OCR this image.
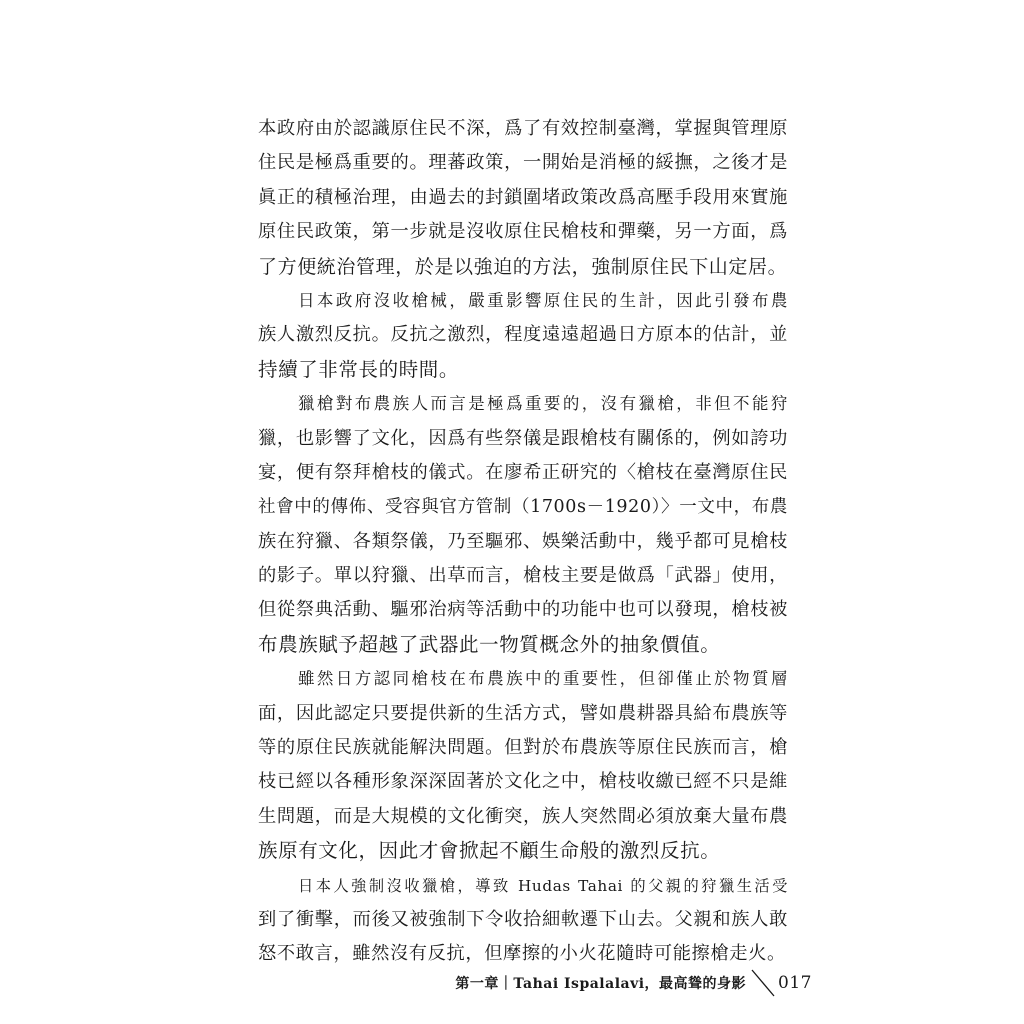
本政府由於認識原住民不深，爲了有效控制臺灣，掌握與管理原
住民是極爲重要的。理蕃政策，一開始是消極的綏撫，之後才是
眞正的積極治理，由過去的封鎖圍堵政策改爲高壓手段用來實施
原住民政策，第一步就是沒收原住民槍枝和彈藥，另一方面，爲
了方便統治管理，於是以強迫的方法，強制原住民下山定居。
日本政府沒收槍械，嚴重影響原住民的生計，因此引發布農
族人激烈反抗。反抗之激烈，程度遠遠超過日方原本的估計，並
持續了非常長的時間。
獵槍對布農族人而言是極爲重要的，沒有獵槍，非但不能狩
獵，也影響了文化，因爲有些祭儀是跟槍枝有關係的，例如誇功
宴，便有祭拜槍枝的儀式。在廖希正研究的〈槍枝在臺灣原住民
社會中的傳佈、受容與官方管制（1700s－1920）〉一文中，布農
族在狩獵、各類祭儀，乃至驅邪、娛樂活動中，幾乎都可見槍枝
的影子。單以狩獵、出草而言，槍枝主要是做爲「武器」使用，
但從祭典活動、驅邪治病等活動中的功能中也可以發現，槍枝被
布農族賦予超越了武器此一物質概念外的抽象價值。
雖然日方認同槍枝在布農族中的重要性，但卻僅止於物質層
面，因此認定只要提供新的生活方式，譬如農耕器具給布農族等
等的原住民族就能解決問題。但對於布農族等原住民族而言，槍
枝已經以各種形象深深固著於文化之中，槍枝收繳已經不只是維
生問題，而是大規模的文化衝突，族人突然間必須放棄大量布農
族原有文化，因此才會掀起不顧生命般的激烈反抗。
日本人強制沒收獵槍，導致 Hudas Tahai 的父親的狩獵生活受
到了衝擊，而後又被強制下令收拾細軟遷下山去。父親和族人敢
怒不敢言，雖然沒有反抗，但摩擦的小火花隨時可能擦槍走火。
第一章｜Tahai Ispalalavi，最高聳的身影 017
